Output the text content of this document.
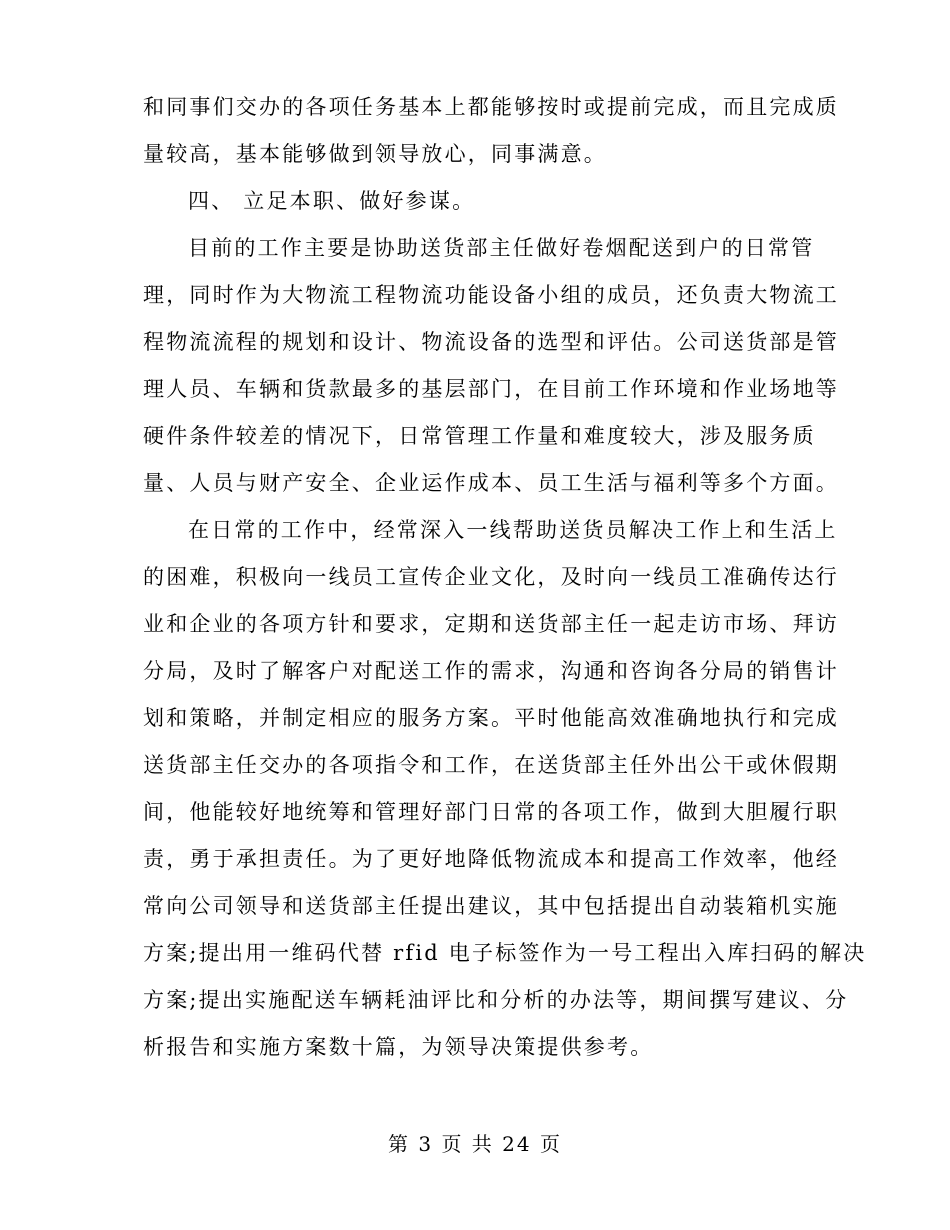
和同事们交办的各项任务基本上都能够按时或提前完成，而且完成质
量较高，基本能够做到领导放心，同事满意。
四、 立足本职、做好参谋。
目前的工作主要是协助送货部主任做好卷烟配送到户的日常管
理，同时作为大物流工程物流功能设备小组的成员，还负责大物流工
程物流流程的规划和设计、物流设备的选型和评估。公司送货部是管
理人员、车辆和货款最多的基层部门，在目前工作环境和作业场地等
硬件条件较差的情况下，日常管理工作量和难度较大，涉及服务质
量、人员与财产安全、企业运作成本、员工生活与福利等多个方面。
在日常的工作中，经常深入一线帮助送货员解决工作上和生活上
的困难，积极向一线员工宣传企业文化，及时向一线员工准确传达行
业和企业的各项方针和要求，定期和送货部主任一起走访市场、拜访
分局，及时了解客户对配送工作的需求，沟通和咨询各分局的销售计
划和策略，并制定相应的服务方案。平时他能高效准确地执行和完成
送货部主任交办的各项指令和工作，在送货部主任外出公干或休假期
间，他能较好地统筹和管理好部门日常的各项工作，做到大胆履行职
责，勇于承担责任。为了更好地降低物流成本和提高工作效率，他经
常向公司领导和送货部主任提出建议，其中包括提出自动装箱机实施
方案;提出用一维码代替 rfid 电子标签作为一号工程出入库扫码的解决
方案;提出实施配送车辆耗油评比和分析的办法等，期间撰写建议、分
析报告和实施方案数十篇，为领导决策提供参考。
第 3 页 共 24 页
